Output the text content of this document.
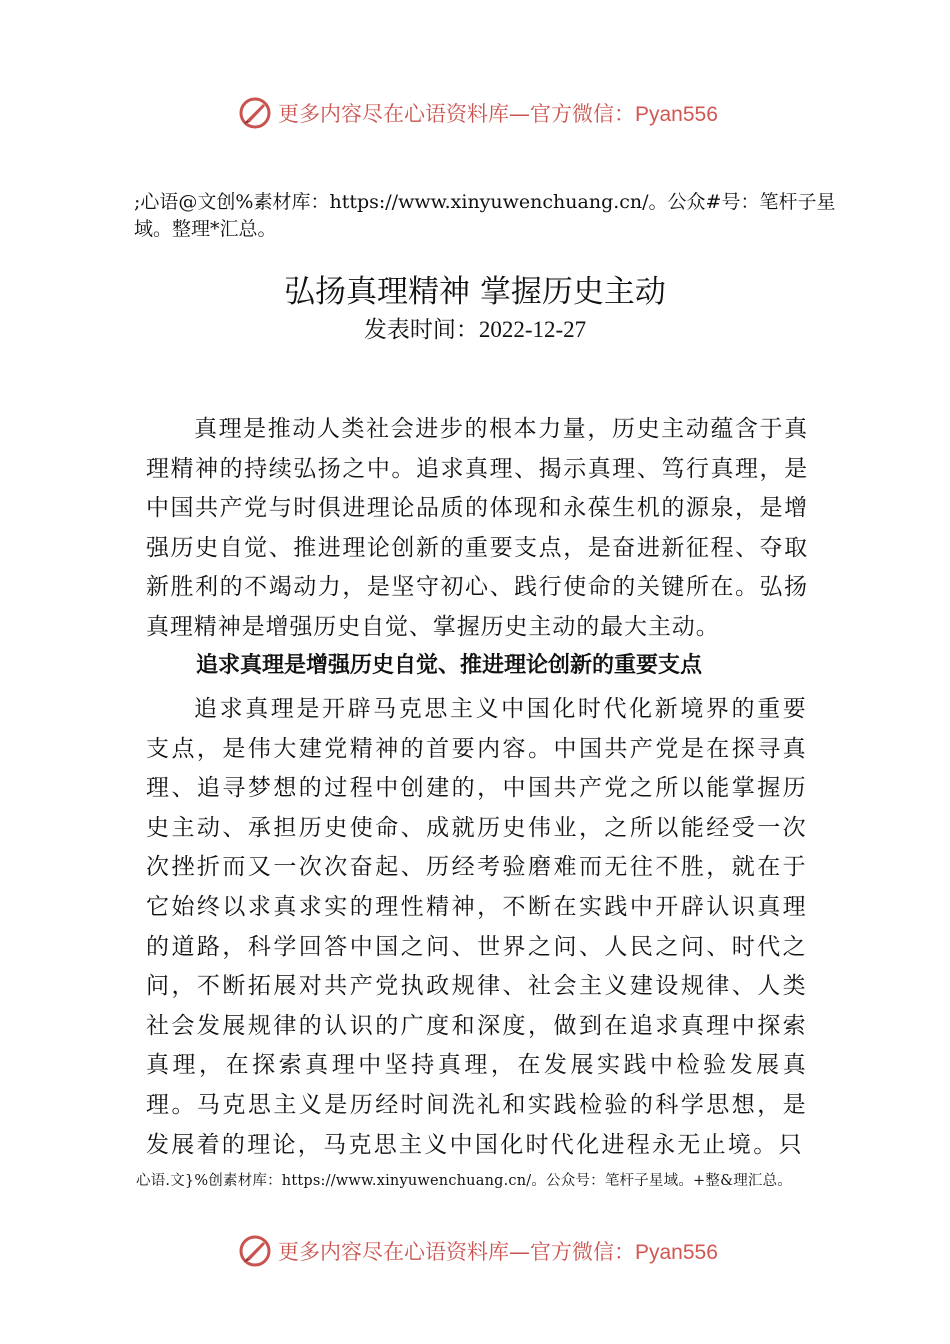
更多内容尽在心语资料库—官方微信：Pyan556
;心语@文创%素材库：https://www.xinyuwenchuang.cn/。公众#号：笔杆子星域。整理*汇总。
弘扬真理精神 掌握历史主动
发表时间：2022-12-27

真理是推动人类社会进步的根本力量，历史主动蕴含于真理精神的持续弘扬之中。追求真理、揭示真理、笃行真理，是中国共产党与时俱进理论品质的体现和永葆生机的源泉，是增强历史自觉、推进理论创新的重要支点，是奋进新征程、夺取新胜利的不竭动力，是坚守初心、践行使命的关键所在。弘扬真理精神是增强历史自觉、掌握历史主动的最大主动。

追求真理是增强历史自觉、推进理论创新的重要支点

追求真理是开辟马克思主义中国化时代化新境界的重要支点，是伟大建党精神的首要内容。中国共产党是在探寻真理、追寻梦想的过程中创建的，中国共产党之所以能掌握历史主动、承担历史使命、成就历史伟业，之所以能经受一次次挫折而又一次次奋起、历经考验磨难而无往不胜，就在于它始终以求真求实的理性精神，不断在实践中开辟认识真理的道路，科学回答中国之问、世界之问、人民之问、时代之问，不断拓展对共产党执政规律、社会主义建设规律、人类社会发展规律的认识的广度和深度，做到在追求真理中探索真理，在探索真理中坚持真理，在发展实践中检验发展真理。马克思主义是历经时间洗礼和实践检验的科学思想，是发展着的理论，马克思主义中国化时代化进程永无止境。只

心语.文}%创素材库：https://www.xinyuwenchuang.cn/。公众号：笔杆子星域。+整&理汇总。
更多内容尽在心语资料库—官方微信：Pyan556
